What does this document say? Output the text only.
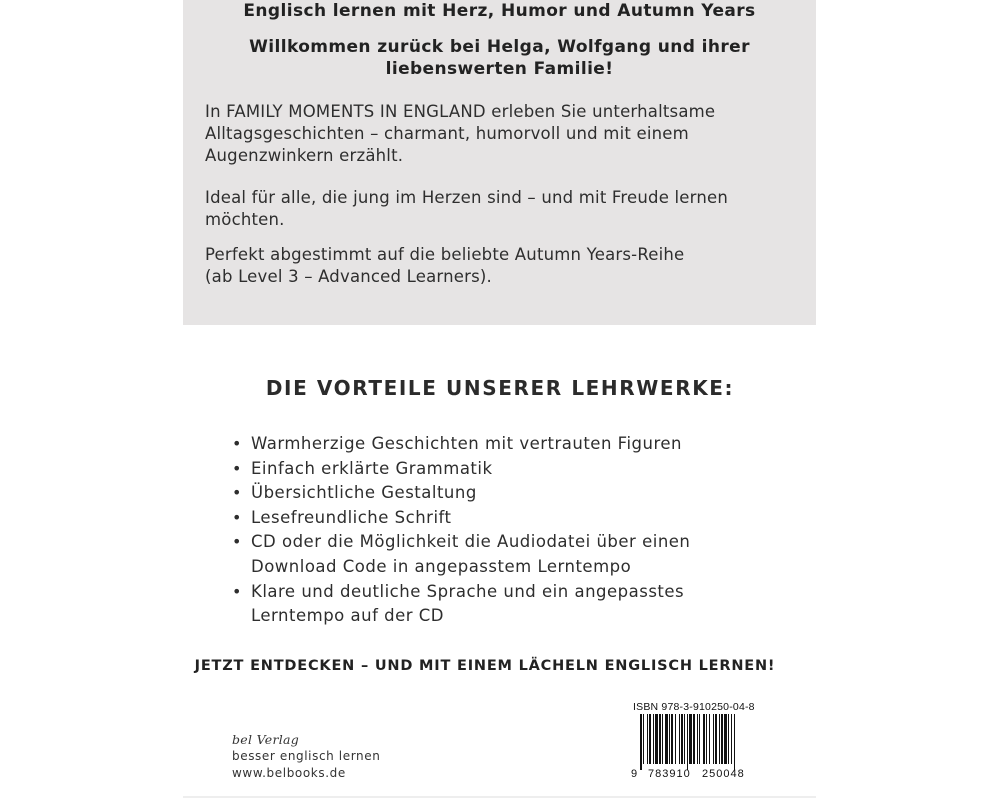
Englisch lernen mit Herz, Humor und Autumn Years
Willkommen zurück bei Helga, Wolfgang und ihrer
liebenswerten Familie!
In FAMILY MOMENTS IN ENGLAND erleben Sie unterhaltsame
Alltagsgeschichten – charmant, humorvoll und mit einem
Augenzwinkern erzählt.
Ideal für alle, die jung im Herzen sind – und mit Freude lernen
möchten.
Perfekt abgestimmt auf die beliebte Autumn Years-Reihe
(ab Level 3 – Advanced Learners).
DIE VORTEILE UNSERER LEHRWERKE:
• Warmherzige Geschichten mit vertrauten Figuren
• Einfach erklärte Grammatik
• Übersichtliche Gestaltung
• Lesefreundliche Schrift
• CD oder die Möglichkeit die Audiodatei über einen
Download Code in angepasstem Lerntempo
• Klare und deutliche Sprache und ein angepasstes
Lerntempo auf der CD
JETZT ENTDECKEN – UND MIT EINEM LÄCHELN ENGLISCH LERNEN!
bel Verlag
besser englisch lernen
www.belbooks.de
ISBN 978-3-910250-04-8
9 783910 250048
